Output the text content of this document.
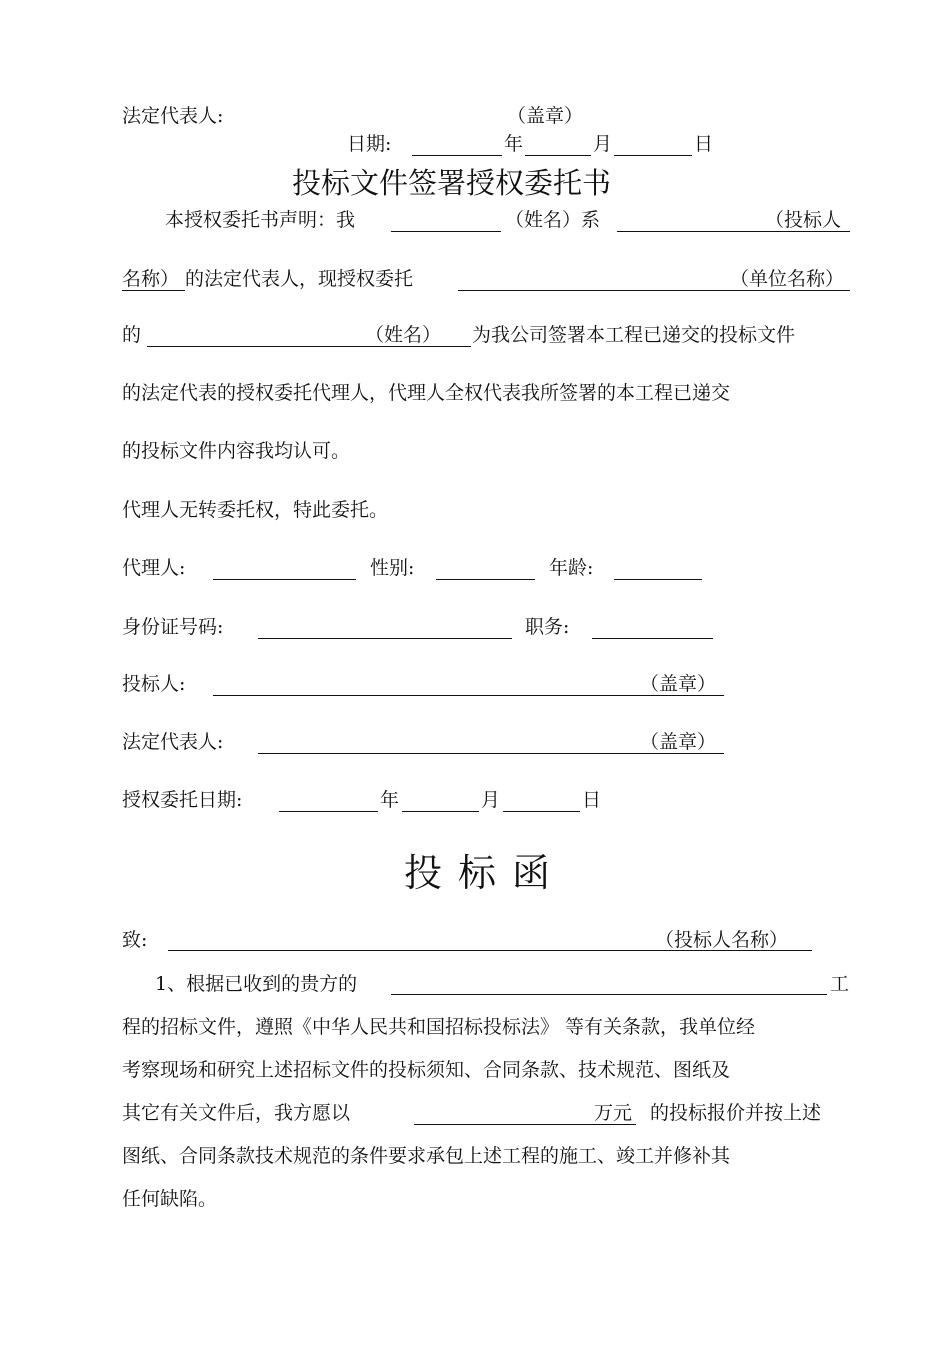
法定代表人:	（盖章）
日期:	年	月	日
投标文件签署授权委托书
本授权委托书声明：我	（姓名）系	（投标人
名称） 的法定代表人，现授权委托	（单位名称）
的	（姓名） 为我公司签署本工程已递交的投标文件
的法定代表的授权委托代理人，代理人全权代表我所签署的本工程已递交
的投标文件内容我均认可。
代理人无转委托权，特此委托。
代理人:	性别:	年龄:
身份证号码:	职务:
投标人:	（盖章）
法定代表人:	（盖章）
授权委托日期:	年	月	日
投标函
致:	（投标人名称）
1、根据已收到的贵方的	工
程的招标文件，遵照《中华人民共和国招标投标法》 等有关条款，我单位经
考察现场和研究上述招标文件的投标须知、合同条款、技术规范、图纸及
其它有关文件后，我方愿以	万元 的投标报价并按上述
图纸、合同条款技术规范的条件要求承包上述工程的施工、竣工并修补其
任何缺陷。
